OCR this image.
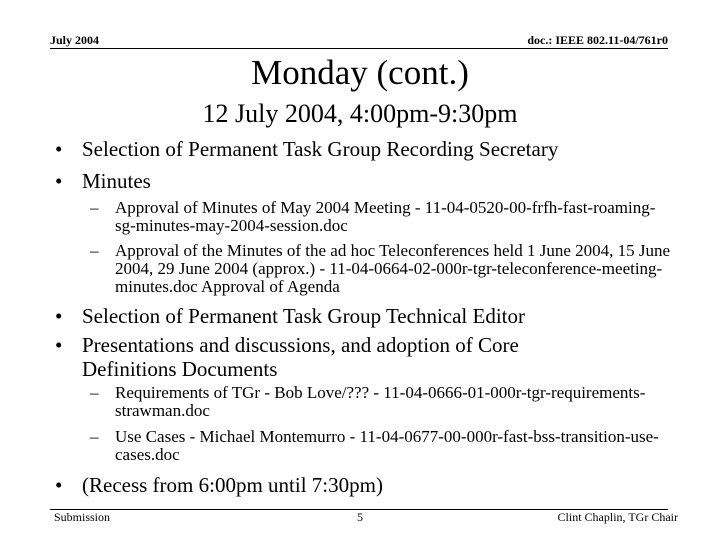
July 2004	doc.: IEEE 802.11-04/761r0
Monday (cont.)
12 July 2004, 4:00pm-9:30pm
• Selection of Permanent Task Group Recording Secretary
• Minutes
– Approval of Minutes of May 2004 Meeting - 11-04-0520-00-frfh-fast-roaming-sg-minutes-may-2004-session.doc
– Approval of the Minutes of the ad hoc Teleconferences held 1 June 2004, 15 June 2004, 29 June 2004 (approx.) - 11-04-0664-02-000r-tgr-teleconference-meeting-minutes.doc Approval of Agenda
• Selection of Permanent Task Group Technical Editor
• Presentations and discussions, and adoption of Core
Definitions Documents
– Requirements of TGr - Bob Love/??? - 11-04-0666-01-000r-tgr-requirements-strawman.doc
– Use Cases - Michael Montemurro - 11-04-0677-00-000r-fast-bss-transition-use-cases.doc
• (Recess from 6:00pm until 7:30pm)
Submission	5	Clint Chaplin, TGr Chair
